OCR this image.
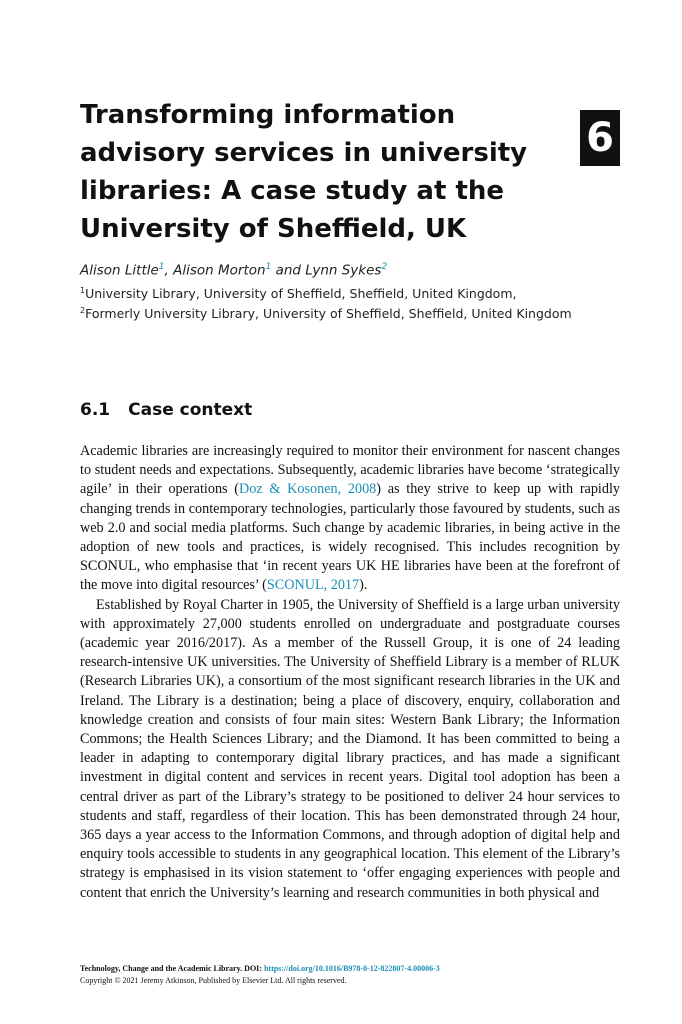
Transforming information advisory services in university libraries: A case study at the University of Sheffield, UK
6
Alison Little$^1$, Alison Morton$^1$ and Lynn Sykes$^2$
$^1$University Library, University of Sheffield, Sheffield, United Kingdom,
$^2$Formerly University Library, University of Sheffield, Sheffield, United Kingdom
6.1 Case context

Academic libraries are increasingly required to monitor their environment for nascent changes to student needs and expectations. Subsequently, academic libraries have become ‘strategically agile’ in their operations (Doz & Kosonen, 2008) as they strive to keep up with rapidly changing trends in contemporary technologies, particularly those favoured by students, such as web 2.0 and social media platforms. Such change by academic libraries, in being active in the adoption of new tools and practices, is widely recognised. This includes recognition by SCONUL, who emphasise that ‘in recent years UK HE libraries have been at the forefront of the move into digital resources’ (SCONUL, 2017).

Established by Royal Charter in 1905, the University of Sheffield is a large urban university with approximately 27,000 students enrolled on undergraduate and postgraduate courses (academic year 2016/2017). As a member of the Russell Group, it is one of 24 leading research-intensive UK universities. The University of Sheffield Library is a member of RLUK (Research Libraries UK), a consortium of the most significant research libraries in the UK and Ireland. The Library is a destination; being a place of discovery, enquiry, collaboration and knowledge creation and consists of four main sites: Western Bank Library; the Information Commons; the Health Sciences Library; and the Diamond. It has been committed to being a leader in adapting to contemporary digital library practices, and has made a significant investment in digital content and services in recent years. Digital tool adoption has been a central driver as part of the Library’s strategy to be positioned to deliver 24 hour services to students and staff, regardless of their location. This has been demonstrated through 24 hour, 365 days a year access to the Information Commons, and through adoption of digital help and enquiry tools accessible to students in any geographical location. This element of the Library’s strategy is emphasised in its vision statement to ‘offer engaging experiences with people and content that enrich the University’s learning and research communities in both physical and

Technology, Change and the Academic Library. DOI: https://doi.org/10.1016/B978-0-12-822807-4.00006-3
Copyright © 2021 Jeremy Atkinson, Published by Elsevier Ltd. All rights reserved.
